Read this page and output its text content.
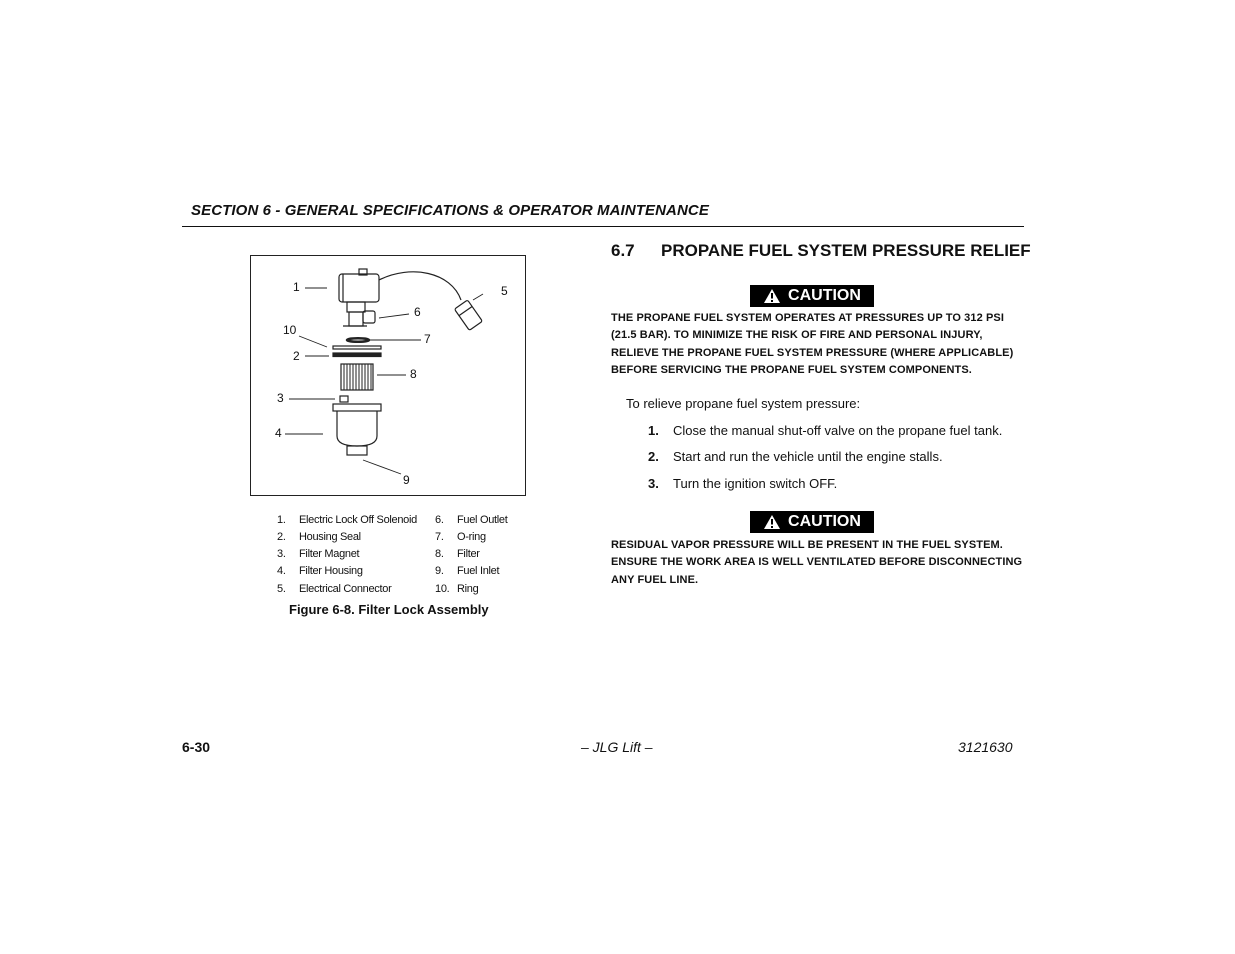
SECTION 6 - GENERAL SPECIFICATIONS & OPERATOR MAINTENANCE
1
2
3
4
5
6
7
8
9
10
1. Electric Lock Off Solenoid
2. Housing Seal
3. Filter Magnet
4. Filter Housing
5. Electrical Connector
6. Fuel Outlet
7. O-ring
8. Filter
9. Fuel Inlet
10. Ring
Figure 6-8. Filter Lock Assembly
6.7 PROPANE FUEL SYSTEM PRESSURE RELIEF
CAUTION
THE PROPANE FUEL SYSTEM OPERATES AT PRESSURES UP TO 312 PSI (21.5 BAR). TO MINIMIZE THE RISK OF FIRE AND PERSONAL INJURY, RELIEVE THE PROPANE FUEL SYSTEM PRESSURE (WHERE APPLICABLE) BEFORE SERVICING THE PROPANE FUEL SYSTEM COMPONENTS.
To relieve propane fuel system pressure:
1. Close the manual shut-off valve on the propane fuel tank.
2. Start and run the vehicle until the engine stalls.
3. Turn the ignition switch OFF.
CAUTION
RESIDUAL VAPOR PRESSURE WILL BE PRESENT IN THE FUEL SYSTEM. ENSURE THE WORK AREA IS WELL VENTILATED BEFORE DISCONNECTING ANY FUEL LINE.
6-30	– JLG Lift –	3121630
